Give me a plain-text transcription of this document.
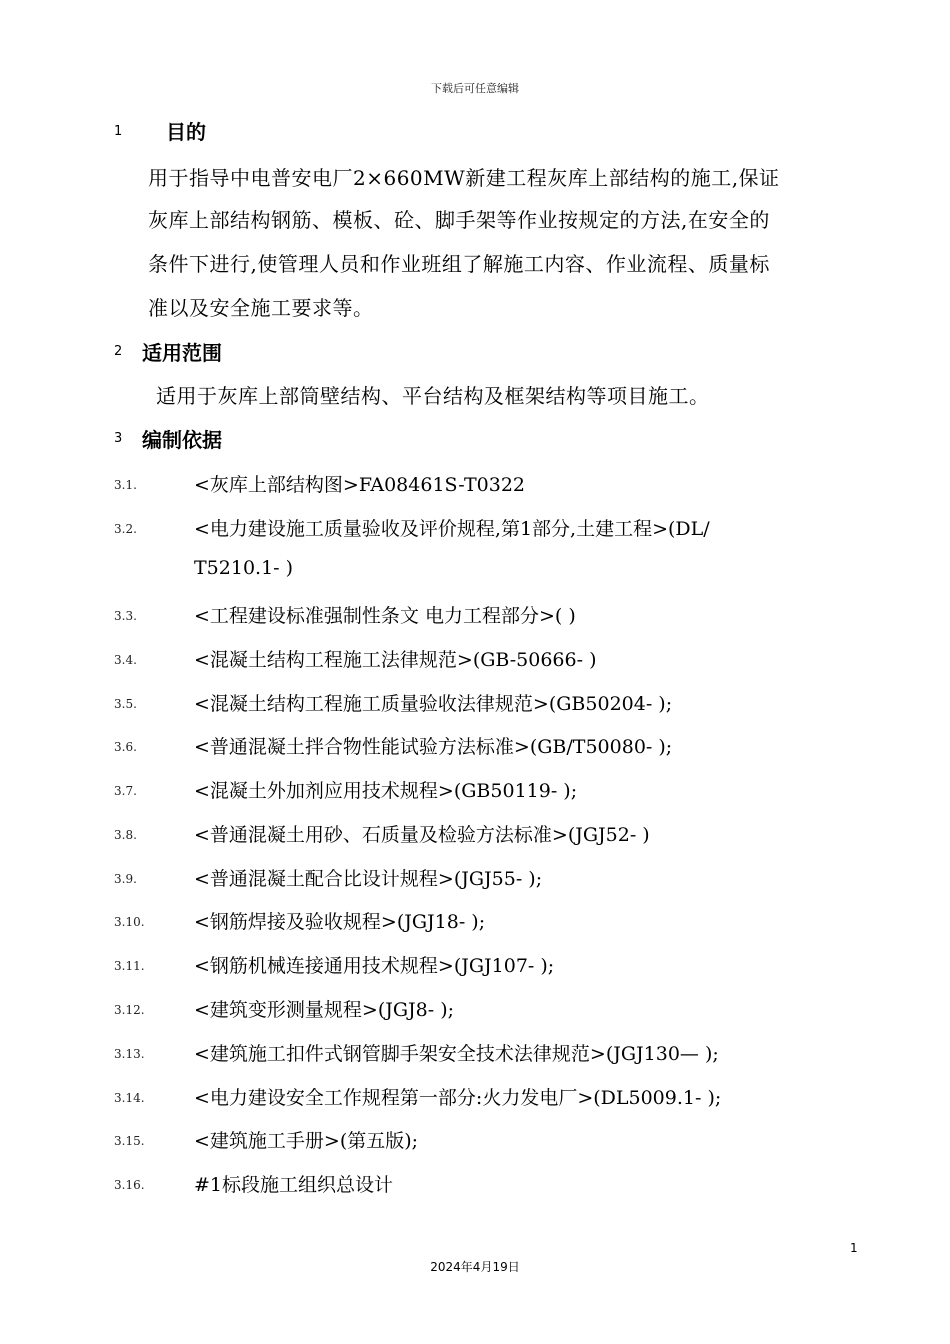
下载后可任意编辑
1 目的
用于指导中电普安电厂2×660MW新建工程灰库上部结构的施工,保证
灰库上部结构钢筋、模板、砼、脚手架等作业按规定的方法,在安全的
条件下进行,使管理人员和作业班组了解施工内容、作业流程、质量标
准以及安全施工要求等。
2 适用范围
适用于灰库上部筒壁结构、平台结构及框架结构等项目施工。
3 编制依据
3.1.	<灰库上部结构图>FA08461S-T0322
3.2.	<电力建设施工质量验收及评价规程,第1部分,土建工程>(DL/
T5210.1- )
3.3.	<工程建设标准强制性条文 电力工程部分>( )
3.4.	<混凝土结构工程施工法律规范>(GB-50666- )
3.5.	<混凝土结构工程施工质量验收法律规范>(GB50204- );
3.6.	<普通混凝土拌合物性能试验方法标准>(GB/T50080- );
3.7.	<混凝土外加剂应用技术规程>(GB50119- );
3.8.	<普通混凝土用砂、石质量及检验方法标准>(JGJ52- )
3.9.	<普通混凝土配合比设计规程>(JGJ55- );
3.10.	<钢筋焊接及验收规程>(JGJ18- );
3.11.	<钢筋机械连接通用技术规程>(JGJ107- );
3.12.	<建筑变形测量规程>(JGJ8- );
3.13.	<建筑施工扣件式钢管脚手架安全技术法律规范>(JGJ130— );
3.14.	<电力建设安全工作规程第一部分:火力发电厂>(DL5009.1- );
3.15.	<建筑施工手册>(第五版);
3.16.	#1标段施工组织总设计
1
2024年4月19日
